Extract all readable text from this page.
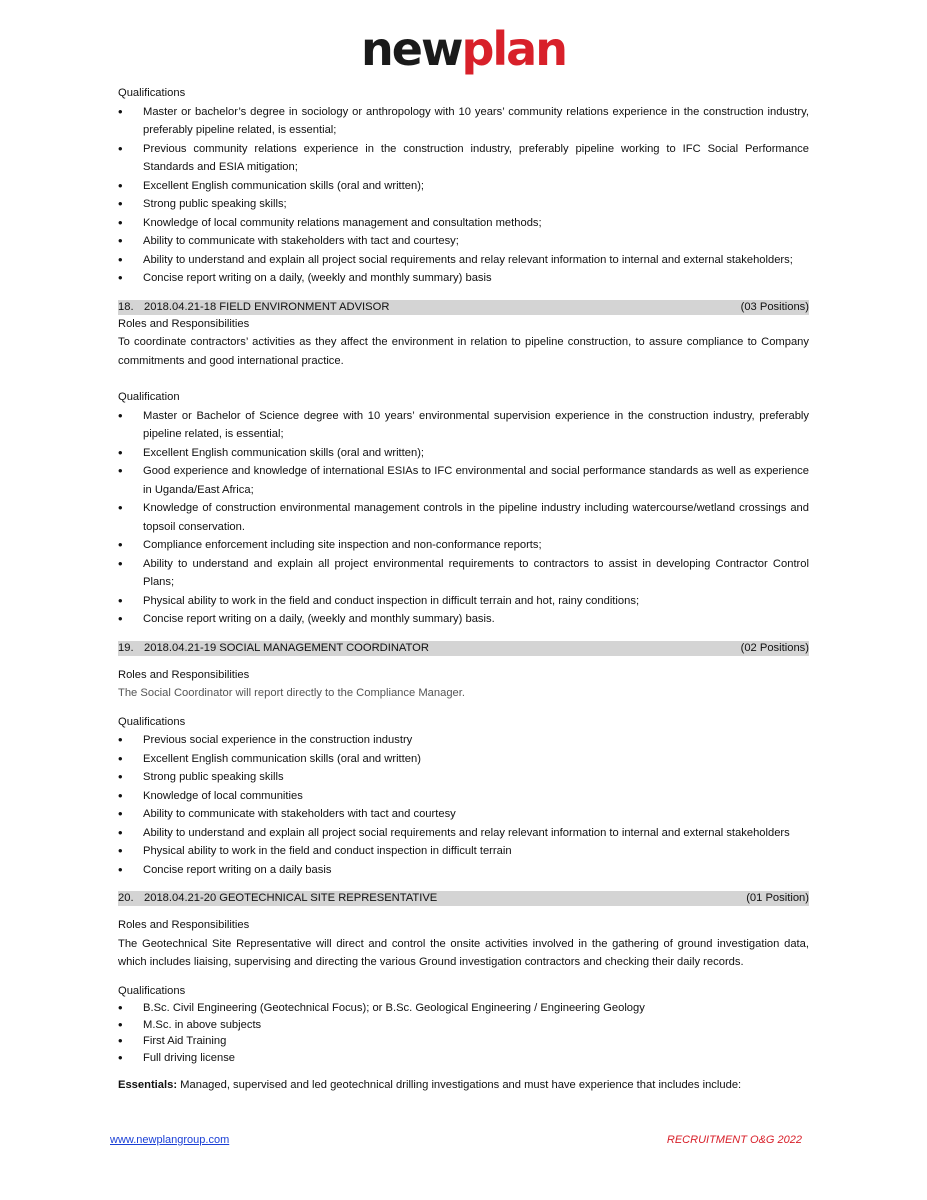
newplan

Qualifications

• Master or bachelor’s degree in sociology or anthropology with 10 years’ community relations experience in the construction industry, preferably pipeline related, is essential;
• Previous community relations experience in the construction industry, preferably pipeline working to IFC Social Performance Standards and ESIA mitigation;
• Excellent English communication skills (oral and written);
• Strong public speaking skills;
• Knowledge of local community relations management and consultation methods;
• Ability to communicate with stakeholders with tact and courtesy;
• Ability to understand and explain all project social requirements and relay relevant information to internal and external stakeholders;
• Concise report writing on a daily, (weekly and monthly summary) basis
18. 2018.04.21-18 FIELD ENVIRONMENT ADVISOR	(03 Positions)

Roles and Responsibilities

To coordinate contractors’ activities as they affect the environment in relation to pipeline construction, to assure compliance to Company commitments and good international practice.

Qualification

• Master or Bachelor of Science degree with 10 years’ environmental supervision experience in the construction industry, preferably pipeline related, is essential;
• Excellent English communication skills (oral and written);
• Good experience and knowledge of international ESIAs to IFC environmental and social performance standards as well as experience in Uganda/East Africa;
• Knowledge of construction environmental management controls in the pipeline industry including watercourse/wetland crossings and topsoil conservation.
• Compliance enforcement including site inspection and non-conformance reports;
• Ability to understand and explain all project environmental requirements to contractors to assist in developing Contractor Control Plans;
• Physical ability to work in the field and conduct inspection in difficult terrain and hot, rainy conditions;
• Concise report writing on a daily, (weekly and monthly summary) basis.
19. 2018.04.21-19 SOCIAL MANAGEMENT COORDINATOR	(02 Positions)

Roles and Responsibilities

The Social Coordinator will report directly to the Compliance Manager.

Qualifications

• Previous social experience in the construction industry
• Excellent English communication skills (oral and written)
• Strong public speaking skills
• Knowledge of local communities
• Ability to communicate with stakeholders with tact and courtesy
• Ability to understand and explain all project social requirements and relay relevant information to internal and external stakeholders
• Physical ability to work in the field and conduct inspection in difficult terrain
• Concise report writing on a daily basis
20. 2018.04.21-20 GEOTECHNICAL SITE REPRESENTATIVE	(01 Position)

Roles and Responsibilities

The Geotechnical Site Representative will direct and control the onsite activities involved in the gathering of ground investigation data, which includes liaising, supervising and directing the various Ground investigation contractors and checking their daily records.

Qualifications

• B.Sc. Civil Engineering (Geotechnical Focus); or B.Sc. Geological Engineering / Engineering Geology
• M.Sc. in above subjects
• First Aid Training
• Full driving license

Essentials: Managed, supervised and led geotechnical drilling investigations and must have experience that includes include:

www.newplangroup.com	RECRUITMENT O&G 2022
